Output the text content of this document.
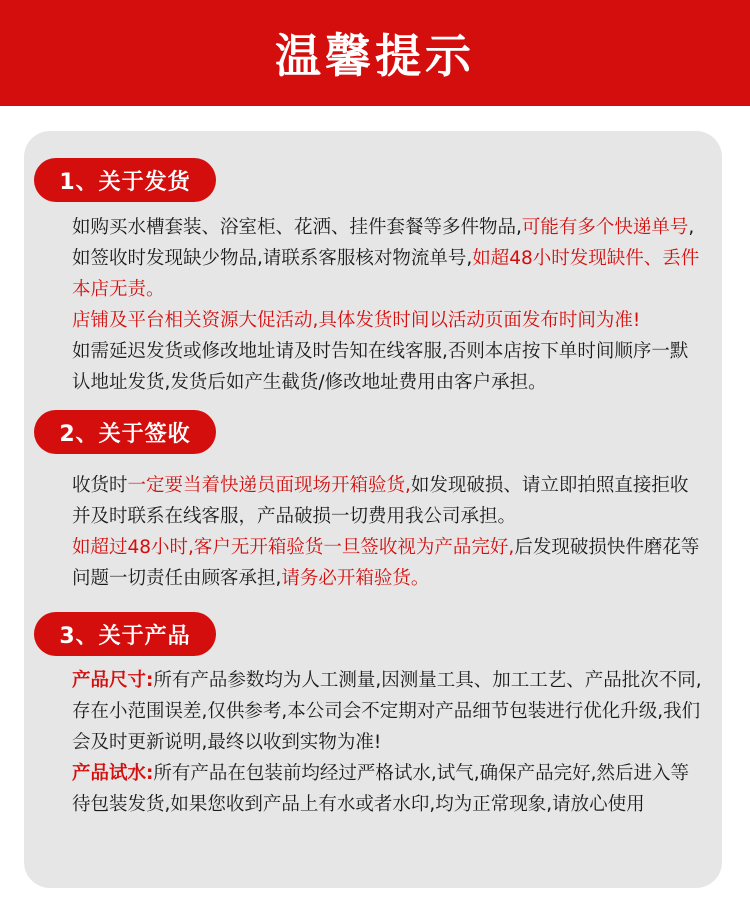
温馨提示
1、关于发货

如购买水槽套装、浴室柜、花洒、挂件套餐等多件物品,可能有多个快递单号,如签收时发现缺少物品,请联系客服核对物流单号,如超48小时发现缺件、丢件本店无责。

店铺及平台相关资源大促活动,具体发货时间以活动页面发布时间为准!

如需延迟发货或修改地址请及时告知在线客服,否则本店按下单时间顺序一默认地址发货,发货后如产生截货/修改地址费用由客户承担。

2、关于签收

收货时一定要当着快递员面现场开箱验货,如发现破损、请立即拍照直接拒收并及时联系在线客服，产品破损一切费用我公司承担。

如超过48小时,客户无开箱验货一旦签收视为产品完好,后发现破损快件磨花等问题一切责任由顾客承担,请务必开箱验货。

3、关于产品

产品尺寸:所有产品参数均为人工测量,因测量工具、加工工艺、产品批次不同,存在小范围误差,仅供参考,本公司会不定期对产品细节包装进行优化升级,我们会及时更新说明,最终以收到实物为准!

产品试水:所有产品在包装前均经过严格试水,试气,确保产品完好,然后进入等待包装发货,如果您收到产品上有水或者水印,均为正常现象,请放心使用
